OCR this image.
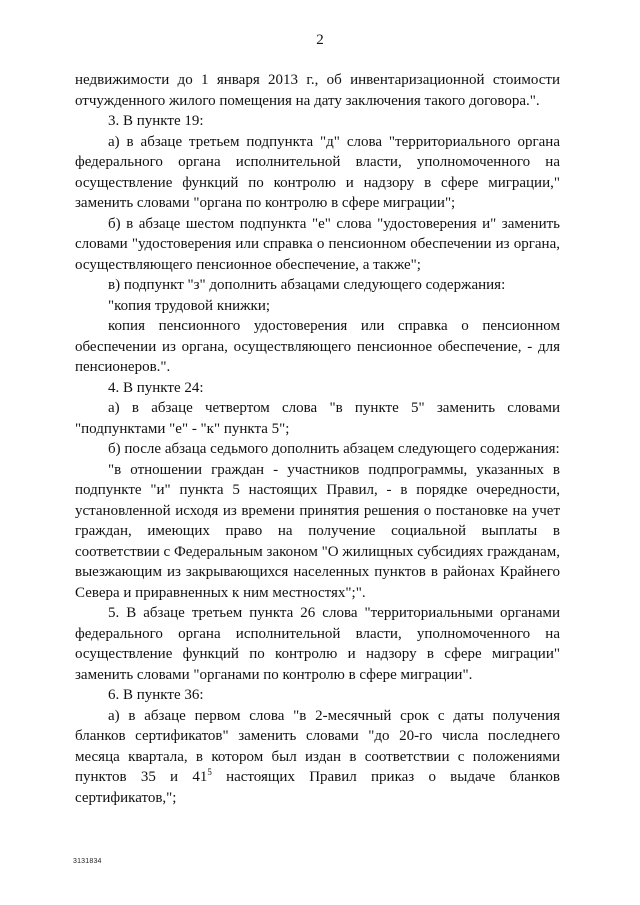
2

недвижимости до 1 января 2013 г., об инвентаризационной стоимости отчужденного жилого помещения на дату заключения такого договора.".

3. В пункте 19:

а) в абзаце третьем подпункта "д" слова "территориального органа федерального органа исполнительной власти, уполномоченного на осуществление функций по контролю и надзору в сфере миграции," заменить словами "органа по контролю в сфере миграции";

б) в абзаце шестом подпункта "е" слова "удостоверения и" заменить словами "удостоверения или справка о пенсионном обеспечении из органа, осуществляющего пенсионное обеспечение, а также";

в) подпункт "з" дополнить абзацами следующего содержания:

"копия трудовой книжки;

копия пенсионного удостоверения или справка о пенсионном обеспечении из органа, осуществляющего пенсионное обеспечение, - для пенсионеров.".

4. В пункте 24:

а) в абзаце четвертом слова "в пункте 5" заменить словами "подпунктами "е" - "к" пункта 5";

б) после абзаца седьмого дополнить абзацем следующего содержания:

"в отношении граждан - участников подпрограммы, указанных в подпункте "и" пункта 5 настоящих Правил, - в порядке очередности, установленной исходя из времени принятия решения о постановке на учет граждан, имеющих право на получение социальной выплаты в соответствии с Федеральным законом "О жилищных субсидиях гражданам, выезжающим из закрывающихся населенных пунктов в районах Крайнего Севера и приравненных к ним местностях";".

5. В абзаце третьем пункта 26 слова "территориальными органами федерального органа исполнительной власти, уполномоченного на осуществление функций по контролю и надзору в сфере миграции" заменить словами "органами по контролю в сфере миграции".

6. В пункте 36:

а) в абзаце первом слова "в 2-месячный срок с даты получения бланков сертификатов" заменить словами "до 20-го числа последнего месяца квартала, в котором был издан в соответствии с положениями пунктов 35 и $41^5$ настоящих Правил приказ о выдаче бланков сертификатов,";

3131834
